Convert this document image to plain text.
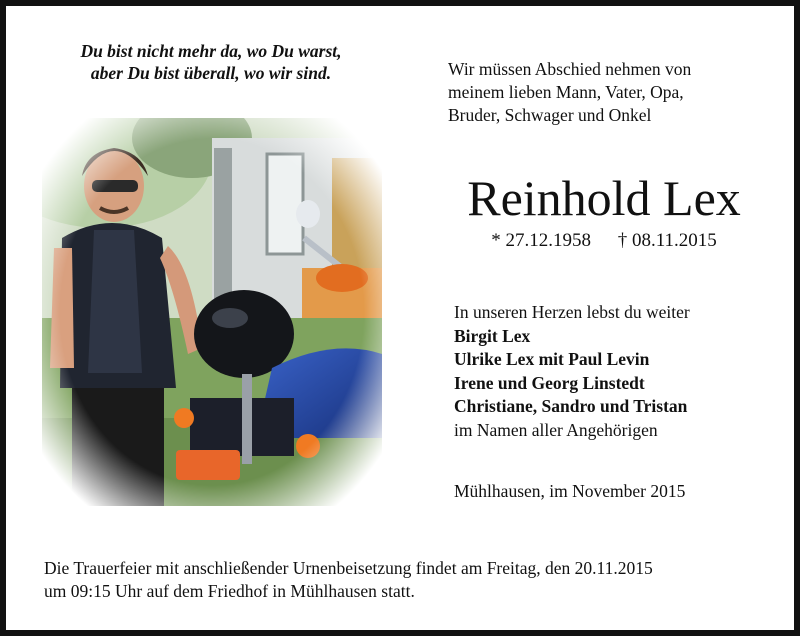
Du bist nicht mehr da, wo Du warst,
aber Du bist überall, wo wir sind.	Wir müssen Abschied nehmen von
meinem lieben Mann, Vater, Opa,
Bruder, Schwager und Onkel
Reinhold Lex
* 27.12.1958 † 08.11.2015
In unseren Herzen lebst du weiter
Birgit Lex
Ulrike Lex mit Paul Levin
Irene und Georg Linstedt
Christiane, Sandro und Tristan
im Namen aller Angehörigen
Mühlhausen, im November 2015
Die Trauerfeier mit anschließender Urnenbeisetzung findet am Freitag, den 20.11.2015
um 09:15 Uhr auf dem Friedhof in Mühlhausen statt.
